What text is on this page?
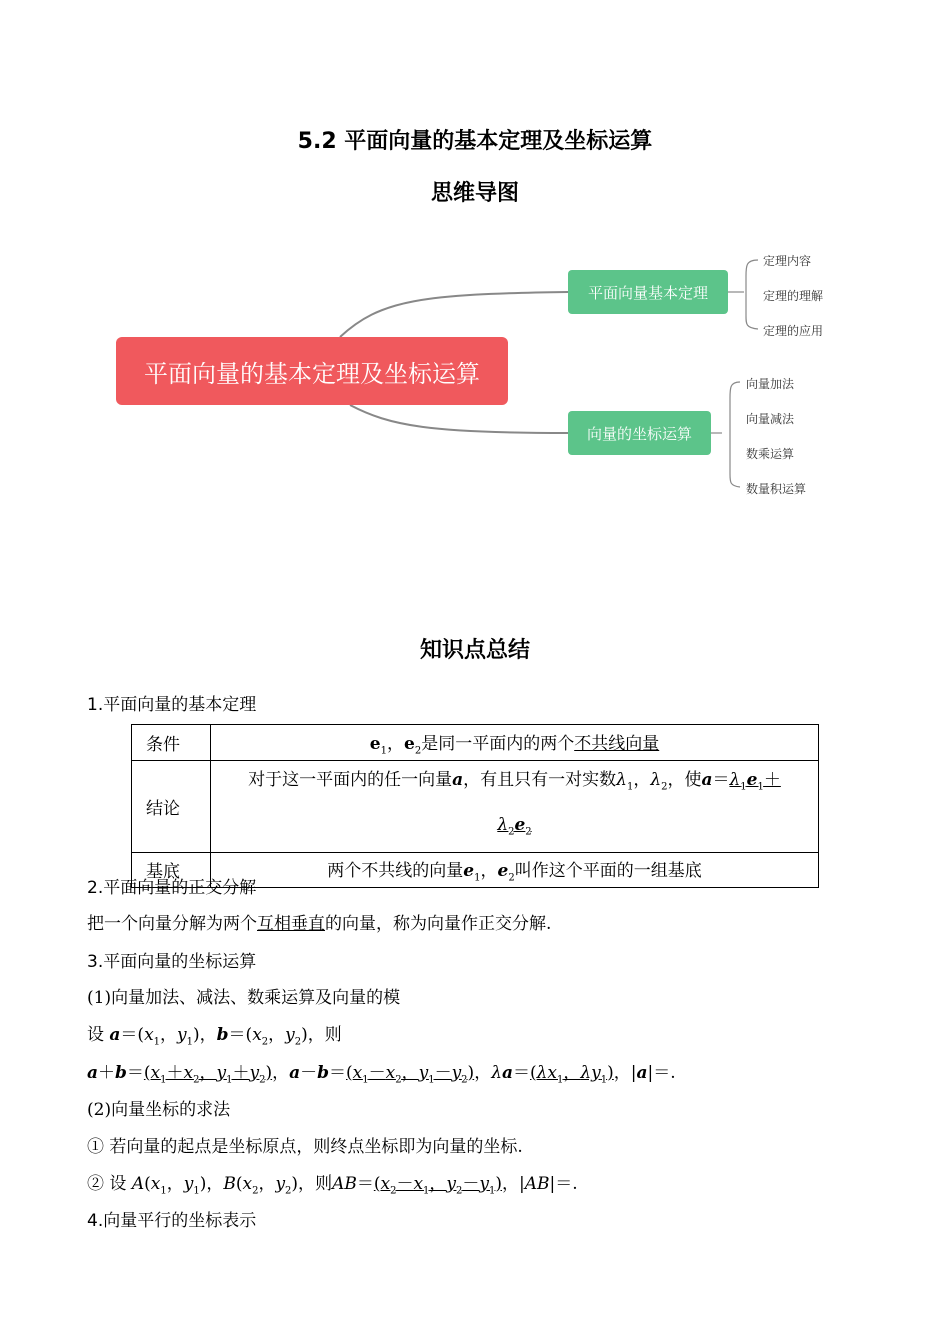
5.2 平面向量的基本定理及坐标运算
思维导图
平面向量的基本定理及坐标运算
平面向量基本定理
向量的坐标运算
定理内容
定理的理解
定理的应用
向量加法
向量减法
数乘运算
数量积运算
知识点总结
1.平面向量的基本定理
条件	$e_1$，$e_2$是同一平面内的两个不共线向量
结论	对于这一平面内的任一向量a，有且只有一对实数$\lambda_1$，$\lambda_2$，使$a=\lambda_1e_1+$
$\lambda_2e_2$
基底	两个不共线的向量$e_1$，$e_2$叫作这个平面的一组基底
2.平面向量的正交分解
把一个向量分解为两个互相垂直的向量，称为向量作正交分解.
3.平面向量的坐标运算
(1)向量加法、减法、数乘运算及向量的模
设 $a=(x_1$，$y_1$)，$b=(x_2$，$y_2$)，则
$a+b=(x_1+x_2$，$y_1+y_2$)，$a-b=(x_1-x_2$，$y_1-y_2$)，$\lambda a=(\lambda x_1$，$\lambda y_1$)，|a|＝.
(2)向量坐标的求法
① 若向量的起点是坐标原点，则终点坐标即为向量的坐标.
② 设 $A(x_1$，$y_1$)，$B(x_2$，$y_2$)，则$AB=(x_2-x_1$，$y_2-y_1$)，|AB|＝.
4.向量平行的坐标表示
